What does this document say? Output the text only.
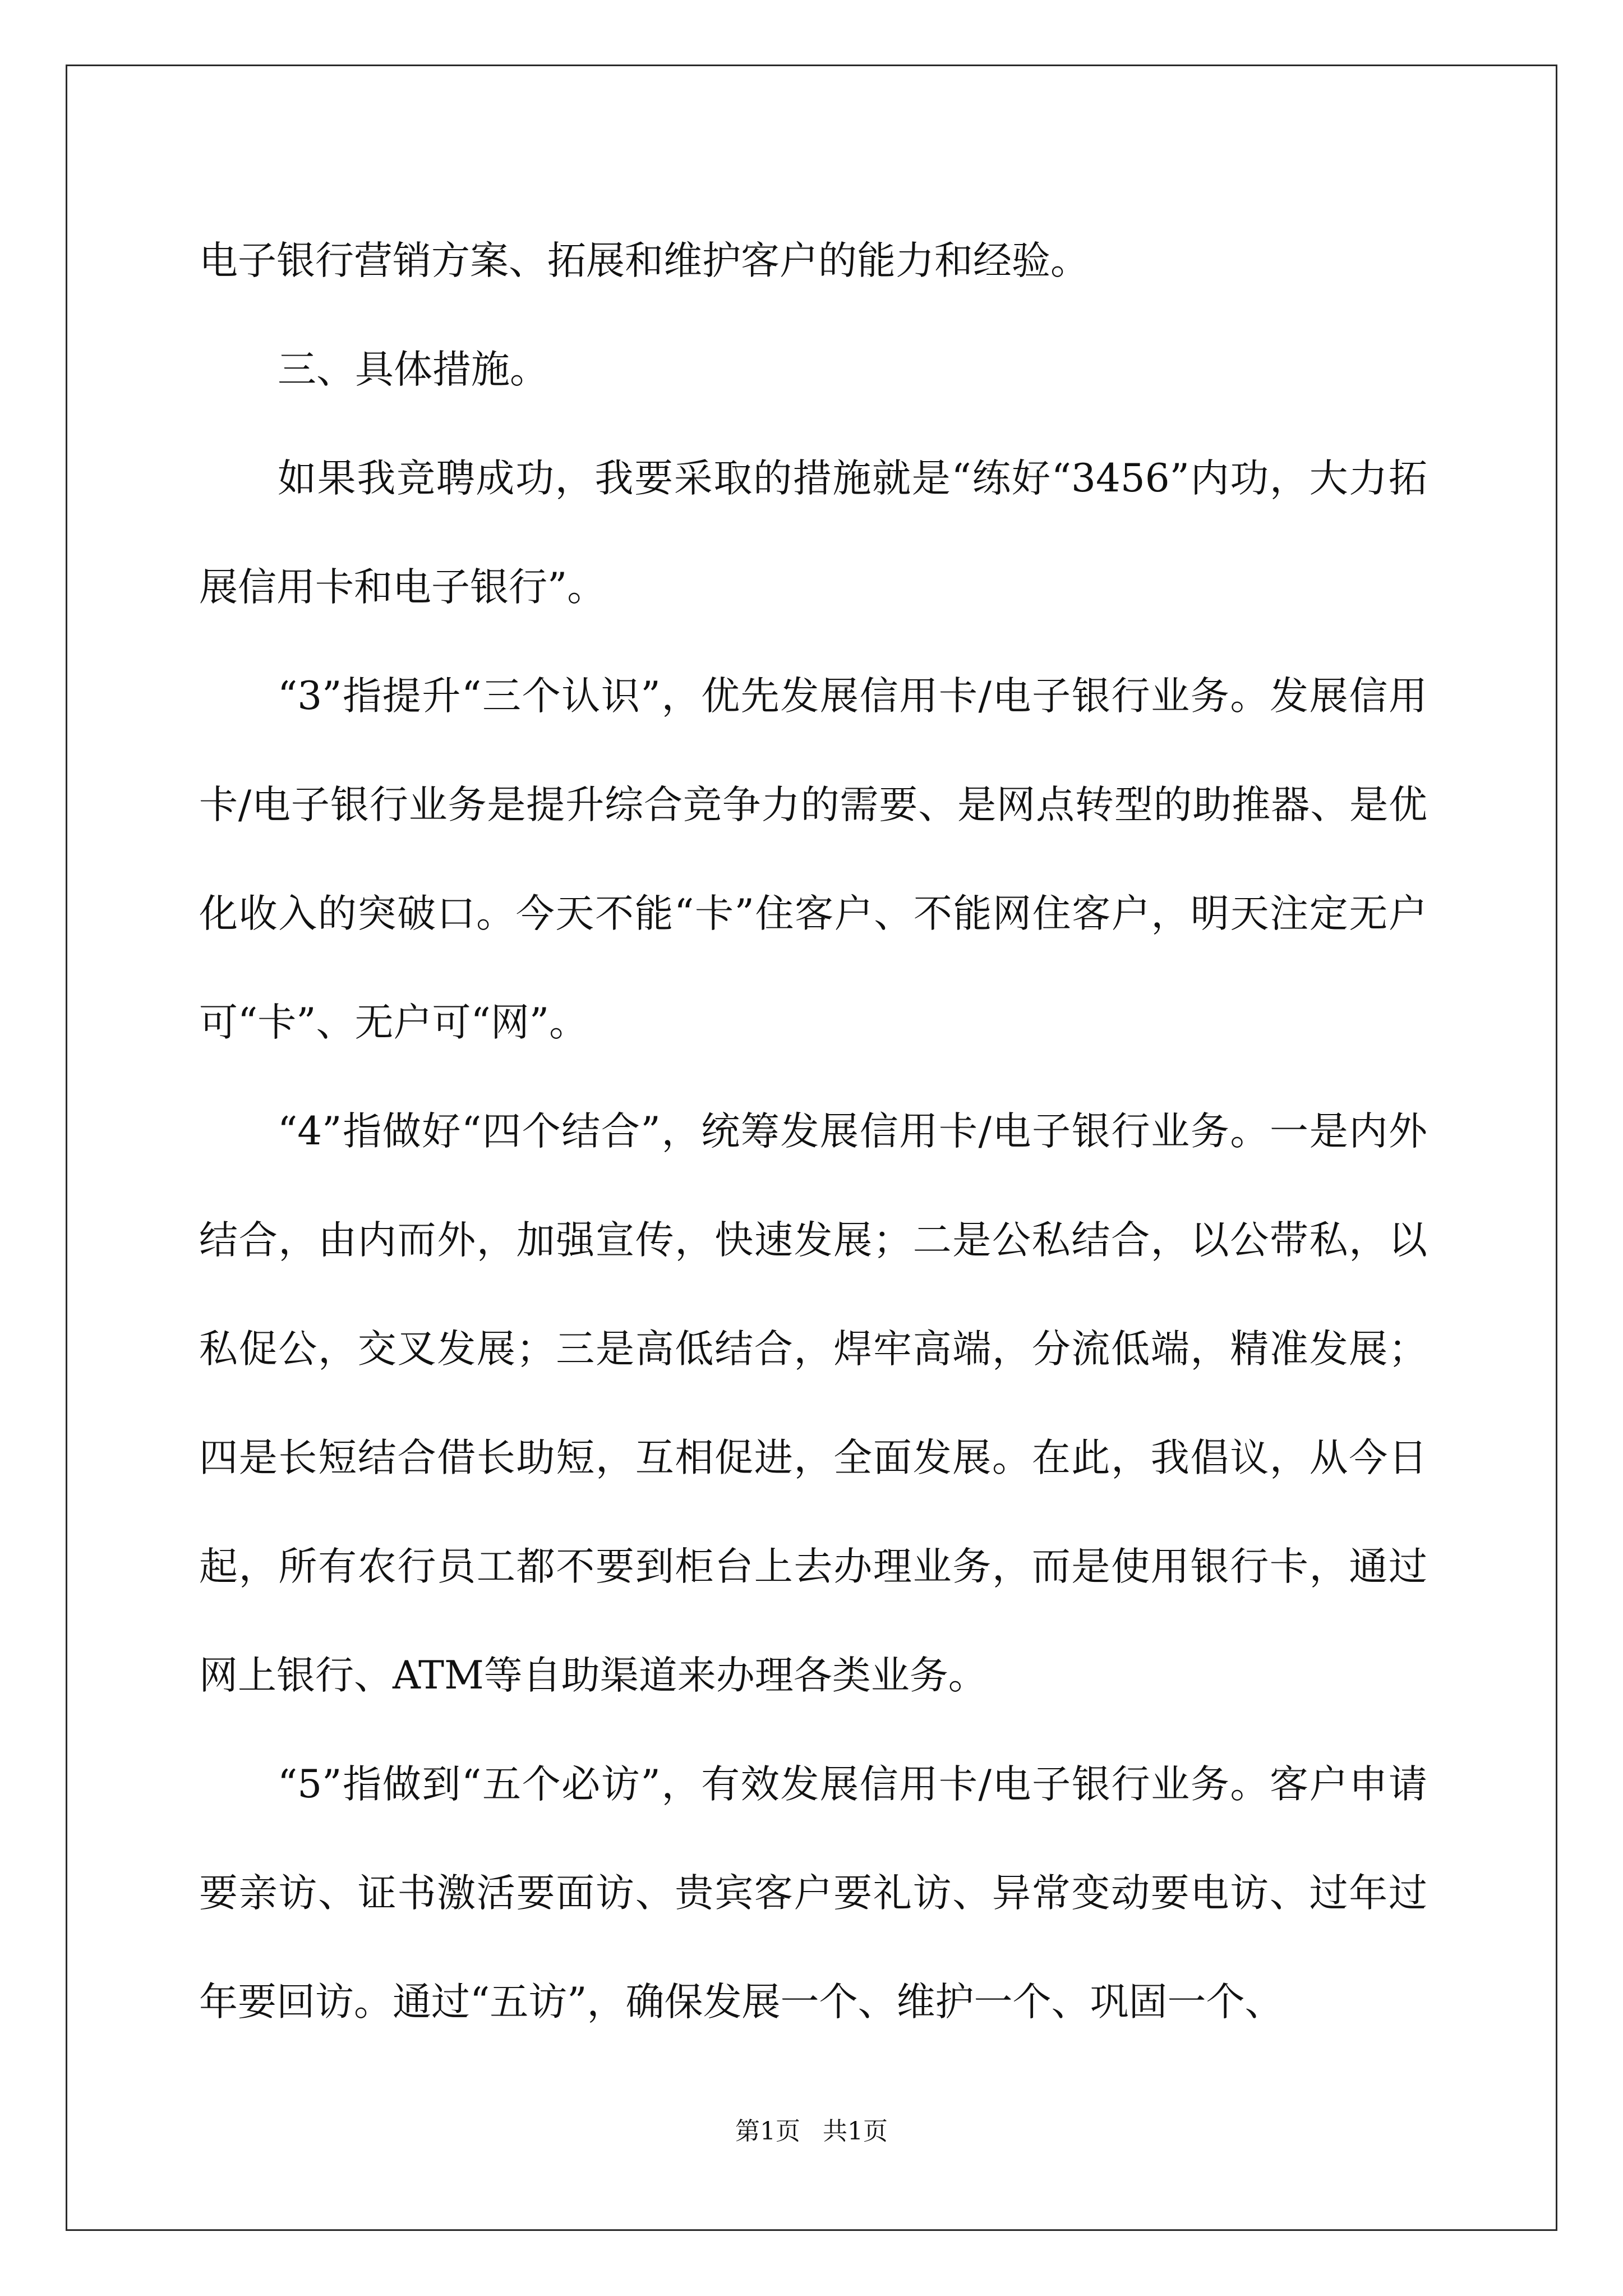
电子银行营销方案、拓展和维护客户的能力和经验。

三、具体措施。

如果我竞聘成功，我要采取的措施就是“练好“3456”内功，大力拓展信用卡和电子银行”。

“3”指提升“三个认识”，优先发展信用卡/电子银行业务。发展信用卡/电子银行业务是提升综合竞争力的需要、是网点转型的助推器、是优化收入的突破口。今天不能“卡”住客户、不能网住客户，明天注定无户可“卡”、无户可“网”。

“4”指做好“四个结合”，统筹发展信用卡/电子银行业务。一是内外结合，由内而外，加强宣传，快速发展；二是公私结合，以公带私，以私促公，交叉发展；三是高低结合，焊牢高端，分流低端，精准发展；四是长短结合借长助短，互相促进，全面发展。在此，我倡议，从今日起，所有农行员工都不要到柜台上去办理业务，而是使用银行卡，通过网上银行、ATM等自助渠道来办理各类业务。

“5”指做到“五个必访”，有效发展信用卡/电子银行业务。客户申请要亲访、证书激活要面访、贵宾客户要礼访、异常变动要电访、过年过年要回访。通过“五访”，确保发展一个、维护一个、巩固一个、

第1页 共1页
